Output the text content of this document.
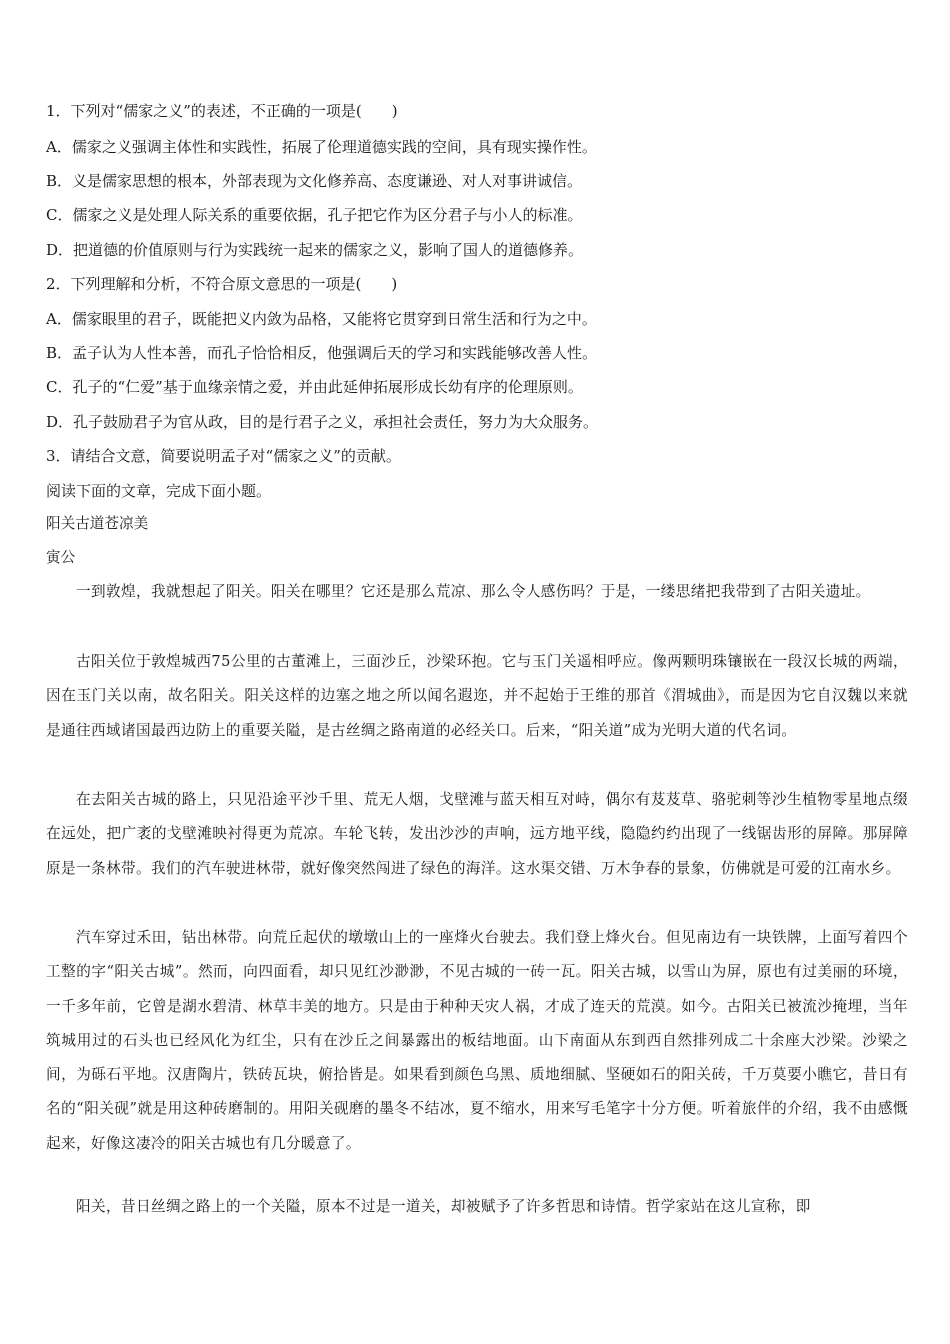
1．下列对“儒家之义”的表述，不正确的一项是(　　)
A．儒家之义强调主体性和实践性，拓展了伦理道德实践的空间，具有现实操作性。
B．义是儒家思想的根本，外部表现为文化修养高、态度谦逊、对人对事讲诚信。
C．儒家之义是处理人际关系的重要依据，孔子把它作为区分君子与小人的标准。
D．把道德的价值原则与行为实践统一起来的儒家之义，影响了国人的道德修养。
2．下列理解和分析，不符合原文意思的一项是(　　)
A．儒家眼里的君子，既能把义内敛为品格，又能将它贯穿到日常生活和行为之中。
B．孟子认为人性本善，而孔子恰恰相反，他强调后天的学习和实践能够改善人性。
C．孔子的“仁爱”基于血缘亲情之爱，并由此延伸拓展形成长幼有序的伦理原则。
D．孔子鼓励君子为官从政，目的是行君子之义，承担社会责任，努力为大众服务。
3．请结合文意，简要说明孟子对“儒家之义”的贡献。
阅读下面的文章，完成下面小题。
阳关古道苍凉美
寅公
一到敦煌，我就想起了阳关。阳关在哪里？它还是那么荒凉、那么令人感伤吗？于是，一缕思绪把我带到了古阳关遗址。
古阳关位于敦煌城西75公里的古董滩上，三面沙丘，沙梁环抱。它与玉门关遥相呼应。像两颗明珠镶嵌在一段汉长城的两端，因在玉门关以南，故名阳关。阳关这样的边塞之地之所以闻名遐迩，并不起始于王维的那首《渭城曲》，而是因为它自汉魏以来就是通往西域诸国最西边防上的重要关隘，是古丝绸之路南道的必经关口。后来，“阳关道”成为光明大道的代名词。
在去阳关古城的路上，只见沿途平沙千里、荒无人烟，戈壁滩与蓝天相互对峙，偶尔有芨芨草、骆驼刺等沙生植物零星地点缀在远处，把广袤的戈壁滩映衬得更为荒凉。车轮飞转，发出沙沙的声响，远方地平线，隐隐约约出现了一线锯齿形的屏障。那屏障原是一条林带。我们的汽车驶进林带，就好像突然闯进了绿色的海洋。这水渠交错、万木争春的景象，仿佛就是可爱的江南水乡。
汽车穿过禾田，钻出林带。向荒丘起伏的墩墩山上的一座烽火台驶去。我们登上烽火台。但见南边有一块铁牌，上面写着四个工整的字“阳关古城”。然而，向四面看，却只见红沙渺渺，不见古城的一砖一瓦。阳关古城，以雪山为屏，原也有过美丽的环境，一千多年前，它曾是湖水碧清、林草丰美的地方。只是由于种种天灾人祸，才成了连天的荒漠。如今。古阳关已被流沙掩埋，当年筑城用过的石头也已经风化为红尘，只有在沙丘之间暴露出的板结地面。山下南面从东到西自然排列成二十余座大沙梁。沙梁之间，为砾石平地。汉唐陶片，铁砖瓦块，俯拾皆是。如果看到颜色乌黑、质地细腻、坚硬如石的阳关砖，千万莫要小瞧它，昔日有名的“阳关砚”就是用这种砖磨制的。用阳关砚磨的墨冬不结冰，夏不缩水，用来写毛笔字十分方便。听着旅伴的介绍，我不由感慨起来，好像这凄冷的阳关古城也有几分暖意了。
阳关，昔日丝绸之路上的一个关隘，原本不过是一道关，却被赋予了许多哲思和诗情。哲学家站在这儿宣称，即
